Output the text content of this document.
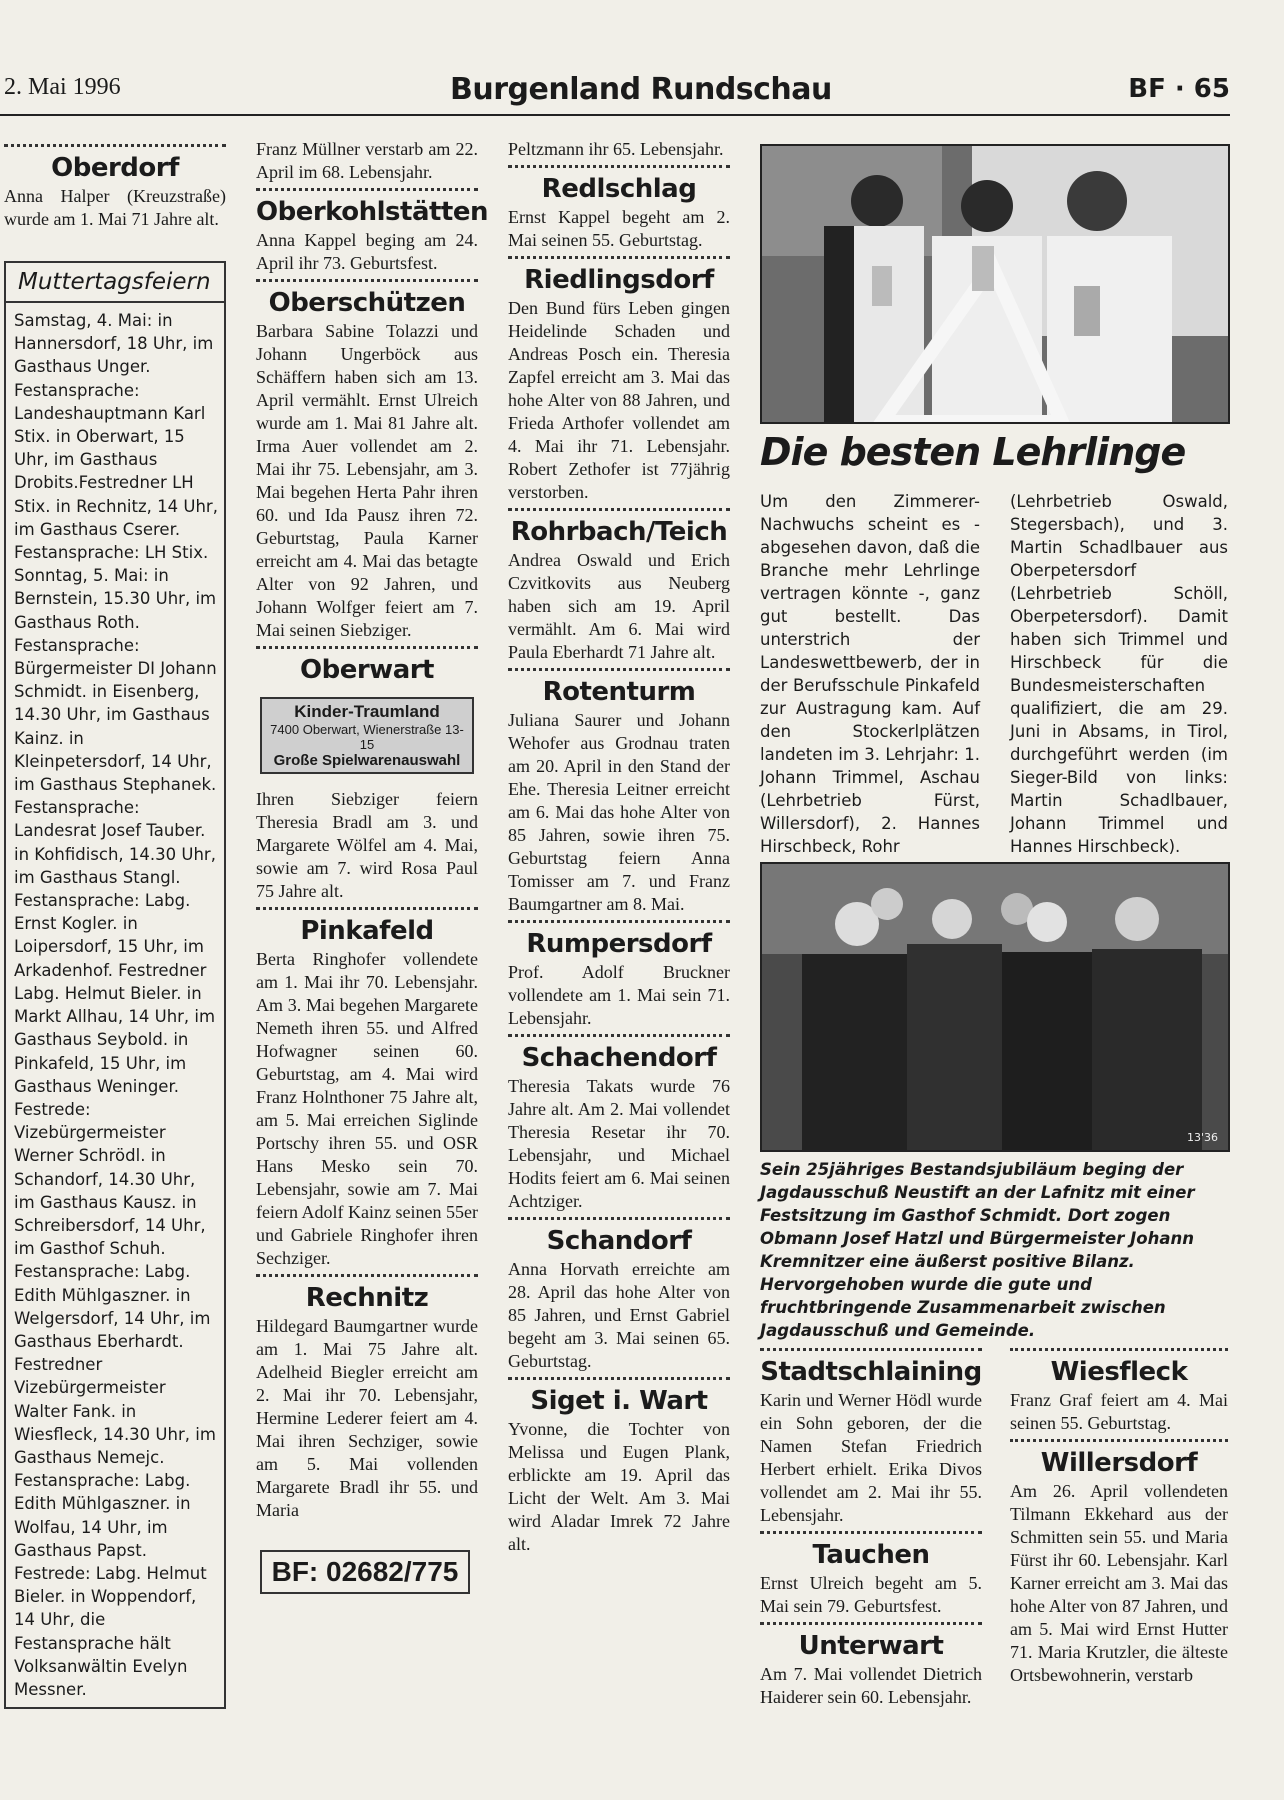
2. Mai 1996	Burgenland Rundschau	BF · 65
Oberdorf

Anna Halper (Kreuzstraße) wurde am 1. Mai 71 Jahre alt.

Muttertagsfeiern
Samstag, 4. Mai: in Hannersdorf, 18 Uhr, im Gasthaus Unger. Festansprache: Landeshauptmann Karl Stix. in Oberwart, 15 Uhr, im Gasthaus Drobits.Festredner LH Stix. in Rechnitz, 14 Uhr, im Gasthaus Cserer. Festansprache: LH Stix. Sonntag, 5. Mai: in Bernstein, 15.30 Uhr, im Gasthaus Roth. Festansprache: Bürgermeister DI Johann Schmidt. in Eisenberg, 14.30 Uhr, im Gasthaus Kainz. in Kleinpetersdorf, 14 Uhr, im Gasthaus Stephanek. Festansprache: Landesrat Josef Tauber. in Kohfidisch, 14.30 Uhr, im Gasthaus Stangl. Festansprache: Labg. Ernst Kogler. in Loipersdorf, 15 Uhr, im Arkadenhof. Festredner Labg. Helmut Bieler. in Markt Allhau, 14 Uhr, im Gasthaus Seybold. in Pinkafeld, 15 Uhr, im Gasthaus Weninger. Festrede: Vizebürgermeister Werner Schrödl. in Schandorf, 14.30 Uhr, im Gasthaus Kausz. in Schreibersdorf, 14 Uhr, im Gasthof Schuh. Festansprache: Labg. Edith Mühlgaszner. in Welgersdorf, 14 Uhr, im Gasthaus Eberhardt. Festredner Vizebürgermeister Walter Fank. in Wiesfleck, 14.30 Uhr, im Gasthaus Nemejc. Festansprache: Labg. Edith Mühlgaszner. in Wolfau, 14 Uhr, im Gasthaus Papst. Festrede: Labg. Helmut Bieler. in Woppendorf, 14 Uhr, die Festansprache hält Volksanwältin Evelyn Messner.

Franz Müllner verstarb am 22. April im 68. Lebensjahr.

Oberkohlstätten

Anna Kappel beging am 24. April ihr 73. Geburtsfest.

Oberschützen

Barbara Sabine Tolazzi und Johann Ungerböck aus Schäffern haben sich am 13. April vermählt. Ernst Ulreich wurde am 1. Mai 81 Jahre alt. Irma Auer vollendet am 2. Mai ihr 75. Lebensjahr, am 3. Mai begehen Herta Pahr ihren 60. und Ida Pausz ihren 72. Geburtstag, Paula Karner erreicht am 4. Mai das betagte Alter von 92 Jahren, und Johann Wolfger feiert am 7. Mai seinen Siebziger.

Oberwart
Kinder-Traumland
7400 Oberwart, Wienerstraße 13-15
Große Spielwarenauswahl

Ihren Siebziger feiern Theresia Bradl am 3. und Margarete Wölfel am 4. Mai, sowie am 7. wird Rosa Paul 75 Jahre alt.

Pinkafeld

Berta Ringhofer vollendete am 1. Mai ihr 70. Lebensjahr. Am 3. Mai begehen Margarete Nemeth ihren 55. und Alfred Hofwagner seinen 60. Geburtstag, am 4. Mai wird Franz Holnthoner 75 Jahre alt, am 5. Mai erreichen Siglinde Portschy ihren 55. und OSR Hans Mesko sein 70. Lebensjahr, sowie am 7. Mai feiern Adolf Kainz seinen 55er und Gabriele Ringhofer ihren Sechziger.

Rechnitz

Hildegard Baumgartner wurde am 1. Mai 75 Jahre alt. Adelheid Biegler erreicht am 2. Mai ihr 70. Lebensjahr, Hermine Lederer feiert am 4. Mai ihren Sechziger, sowie am 5. Mai vollenden Margarete Bradl ihr 55. und Maria

BF: 02682/775

Peltzmann ihr 65. Lebensjahr.

Redlschlag

Ernst Kappel begeht am 2. Mai seinen 55. Geburtstag.

Riedlingsdorf

Den Bund fürs Leben gingen Heidelinde Schaden und Andreas Posch ein. Theresia Zapfel erreicht am 3. Mai das hohe Alter von 88 Jahren, und Frieda Arthofer vollendet am 4. Mai ihr 71. Lebensjahr. Robert Zethofer ist 77jährig verstorben.

Rohrbach/Teich

Andrea Oswald und Erich Czvitkovits aus Neuberg haben sich am 19. April vermählt. Am 6. Mai wird Paula Eberhardt 71 Jahre alt.

Rotenturm

Juliana Saurer und Johann Wehofer aus Grodnau traten am 20. April in den Stand der Ehe. Theresia Leitner erreicht am 6. Mai das hohe Alter von 85 Jahren, sowie ihren 75. Geburtstag feiern Anna Tomisser am 7. und Franz Baumgartner am 8. Mai.

Rumpersdorf

Prof. Adolf Bruckner vollendete am 1. Mai sein 71. Lebensjahr.

Schachendorf

Theresia Takats wurde 76 Jahre alt. Am 2. Mai vollendet Theresia Resetar ihr 70. Lebensjahr, und Michael Hodits feiert am 6. Mai seinen Achtziger.

Schandorf

Anna Horvath erreichte am 28. April das hohe Alter von 85 Jahren, und Ernst Gabriel begeht am 3. Mai seinen 65. Geburtstag.

Siget i. Wart

Yvonne, die Tochter von Melissa und Eugen Plank, erblickte am 19. April das Licht der Welt. Am 3. Mai wird Aladar Imrek 72 Jahre alt.

Die besten Lehrlinge
Um den Zimmerer-Nachwuchs scheint es - abgesehen davon, daß die Branche mehr Lehrlinge vertragen könnte -, ganz gut bestellt. Das unterstrich der Landeswettbewerb, der in der Berufsschule Pinkafeld zur Austragung kam. Auf den Stockerlplätzen landeten im 3. Lehrjahr: 1. Johann Trimmel, Aschau (Lehrbetrieb Fürst, Willersdorf), 2. Hannes Hirschbeck, Rohr
(Lehrbetrieb Oswald, Stegersbach), und 3. Martin Schadlbauer aus Oberpetersdorf (Lehrbetrieb Schöll, Oberpetersdorf). Damit haben sich Trimmel und Hirschbeck für die Bundesmeisterschaften qualifiziert, die am 29. Juni in Absams, in Tirol, durchgeführt werden (im Sieger-Bild von links: Martin Schadlbauer, Johann Trimmel und Hannes Hirschbeck).
13'36
Sein 25jähriges Bestandsjubiläum beging der Jagdausschuß Neustift an der Lafnitz mit einer Festsitzung im Gasthof Schmidt. Dort zogen Obmann Josef Hatzl und Bürgermeister Johann Kremnitzer eine äußerst positive Bilanz. Hervorgehoben wurde die gute und fruchtbringende Zusammenarbeit zwischen Jagdausschuß und Gemeinde.
Stadtschlaining

Karin und Werner Hödl wurde ein Sohn geboren, der die Namen Stefan Friedrich Herbert erhielt. Erika Divos vollendet am 2. Mai ihr 55. Lebensjahr.

Tauchen

Ernst Ulreich begeht am 5. Mai sein 79. Geburtsfest.

Unterwart

Am 7. Mai vollendet Dietrich Haiderer sein 60. Lebensjahr.

Wiesfleck

Franz Graf feiert am 4. Mai seinen 55. Geburtstag.

Willersdorf

Am 26. April vollendeten Tilmann Ekkehard aus der Schmitten sein 55. und Maria Fürst ihr 60. Lebensjahr. Karl Karner erreicht am 3. Mai das hohe Alter von 87 Jahren, und am 5. Mai wird Ernst Hutter 71. Maria Krutzler, die älteste Ortsbewohnerin, verstarb
